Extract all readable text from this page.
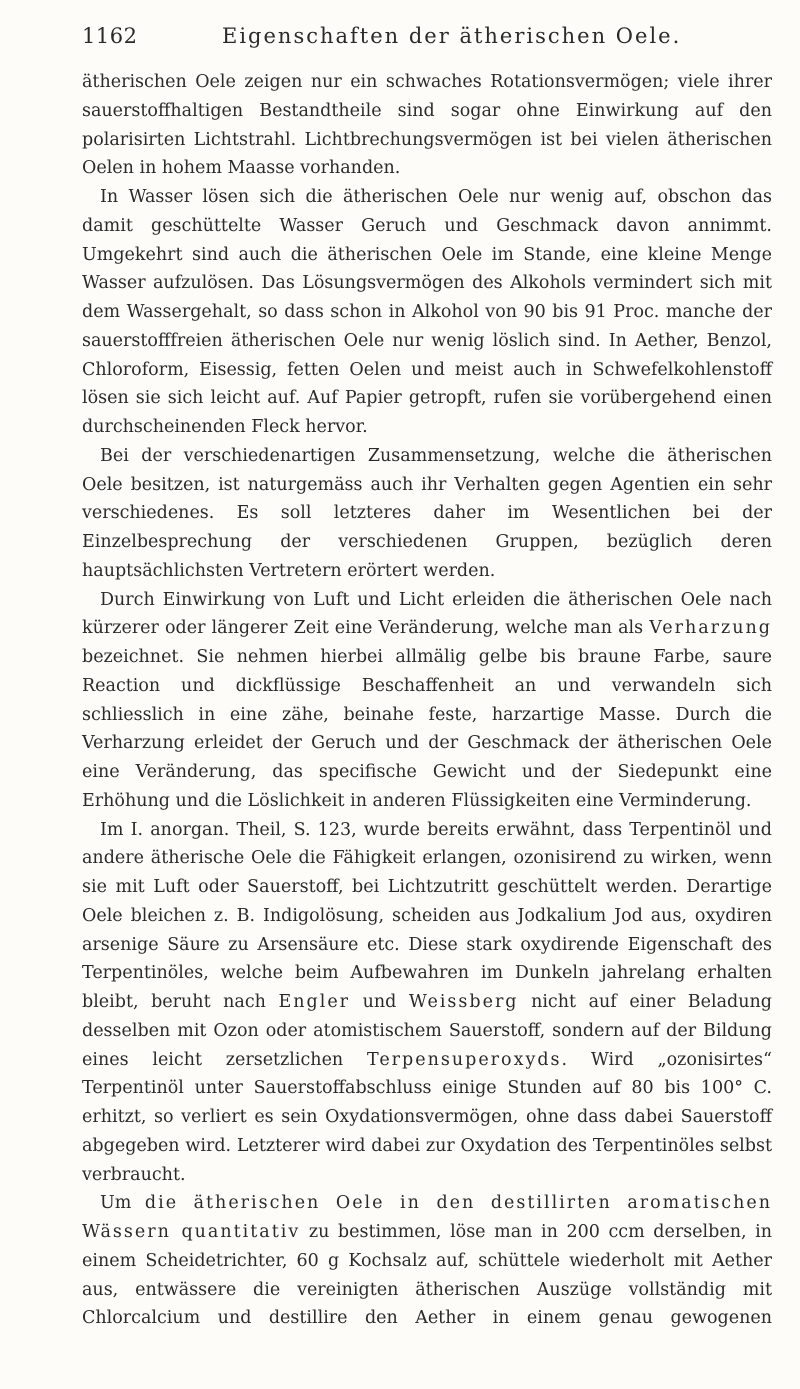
1162	Eigenschaften der ätherischen Oele.

ätherischen Oele zeigen nur ein schwaches Rotationsvermögen; viele ihrer sauerstoffhaltigen Bestandtheile sind sogar ohne Einwirkung auf den polarisirten Lichtstrahl. Lichtbrechungsvermögen ist bei vielen ätherischen Oelen in hohem Maasse vorhanden.

In Wasser lösen sich die ätherischen Oele nur wenig auf, obschon das damit geschüttelte Wasser Geruch und Geschmack davon annimmt. Umgekehrt sind auch die ätherischen Oele im Stande, eine kleine Menge Wasser aufzulösen. Das Lösungsvermögen des Alkohols vermindert sich mit dem Wassergehalt, so dass schon in Alkohol von 90 bis 91 Proc. manche der sauerstofffreien ätherischen Oele nur wenig löslich sind. In Aether, Benzol, Chloroform, Eisessig, fetten Oelen und meist auch in Schwefelkohlenstoff lösen sie sich leicht auf. Auf Papier getropft, rufen sie vorübergehend einen durchscheinenden Fleck hervor.

Bei der verschiedenartigen Zusammensetzung, welche die ätherischen Oele besitzen, ist naturgemäss auch ihr Verhalten gegen Agentien ein sehr verschiedenes. Es soll letzteres daher im Wesentlichen bei der Einzelbesprechung der verschiedenen Gruppen, bezüglich deren hauptsächlichsten Vertretern erörtert werden.

Durch Einwirkung von Luft und Licht erleiden die ätherischen Oele nach kürzerer oder längerer Zeit eine Veränderung, welche man als Verharzung bezeichnet. Sie nehmen hierbei allmälig gelbe bis braune Farbe, saure Reaction und dickflüssige Beschaffenheit an und verwandeln sich schliesslich in eine zähe, beinahe feste, harzartige Masse. Durch die Verharzung erleidet der Geruch und der Geschmack der ätherischen Oele eine Veränderung, das specifische Gewicht und der Siedepunkt eine Erhöhung und die Löslichkeit in anderen Flüssigkeiten eine Verminderung.

Im I. anorgan. Theil, S. 123, wurde bereits erwähnt, dass Terpentinöl und andere ätherische Oele die Fähigkeit erlangen, ozonisirend zu wirken, wenn sie mit Luft oder Sauerstoff, bei Lichtzutritt geschüttelt werden. Derartige Oele bleichen z. B. Indigolösung, scheiden aus Jodkalium Jod aus, oxydiren arsenige Säure zu Arsensäure etc. Diese stark oxydirende Eigenschaft des Terpentinöles, welche beim Aufbewahren im Dunkeln jahrelang erhalten bleibt, beruht nach Engler und Weissberg nicht auf einer Beladung desselben mit Ozon oder atomistischem Sauerstoff, sondern auf der Bildung eines leicht zersetzlichen Terpensuperoxyds. Wird „ozonisirtes“ Terpentinöl unter Sauerstoffabschluss einige Stunden auf 80 bis 100° C. erhitzt, so verliert es sein Oxydationsvermögen, ohne dass dabei Sauerstoff abgegeben wird. Letzterer wird dabei zur Oxydation des Terpentinöles selbst verbraucht.

Um die ätherischen Oele in den destillirten aromatischen Wässern quantitativ zu bestimmen, löse man in 200 ccm derselben, in einem Scheidetrichter, 60 g Kochsalz auf, schüttele wiederholt mit Aether aus, entwässere die vereinigten ätherischen Auszüge vollständig mit Chlorcalcium und destillire den Aether in einem genau gewogenen
